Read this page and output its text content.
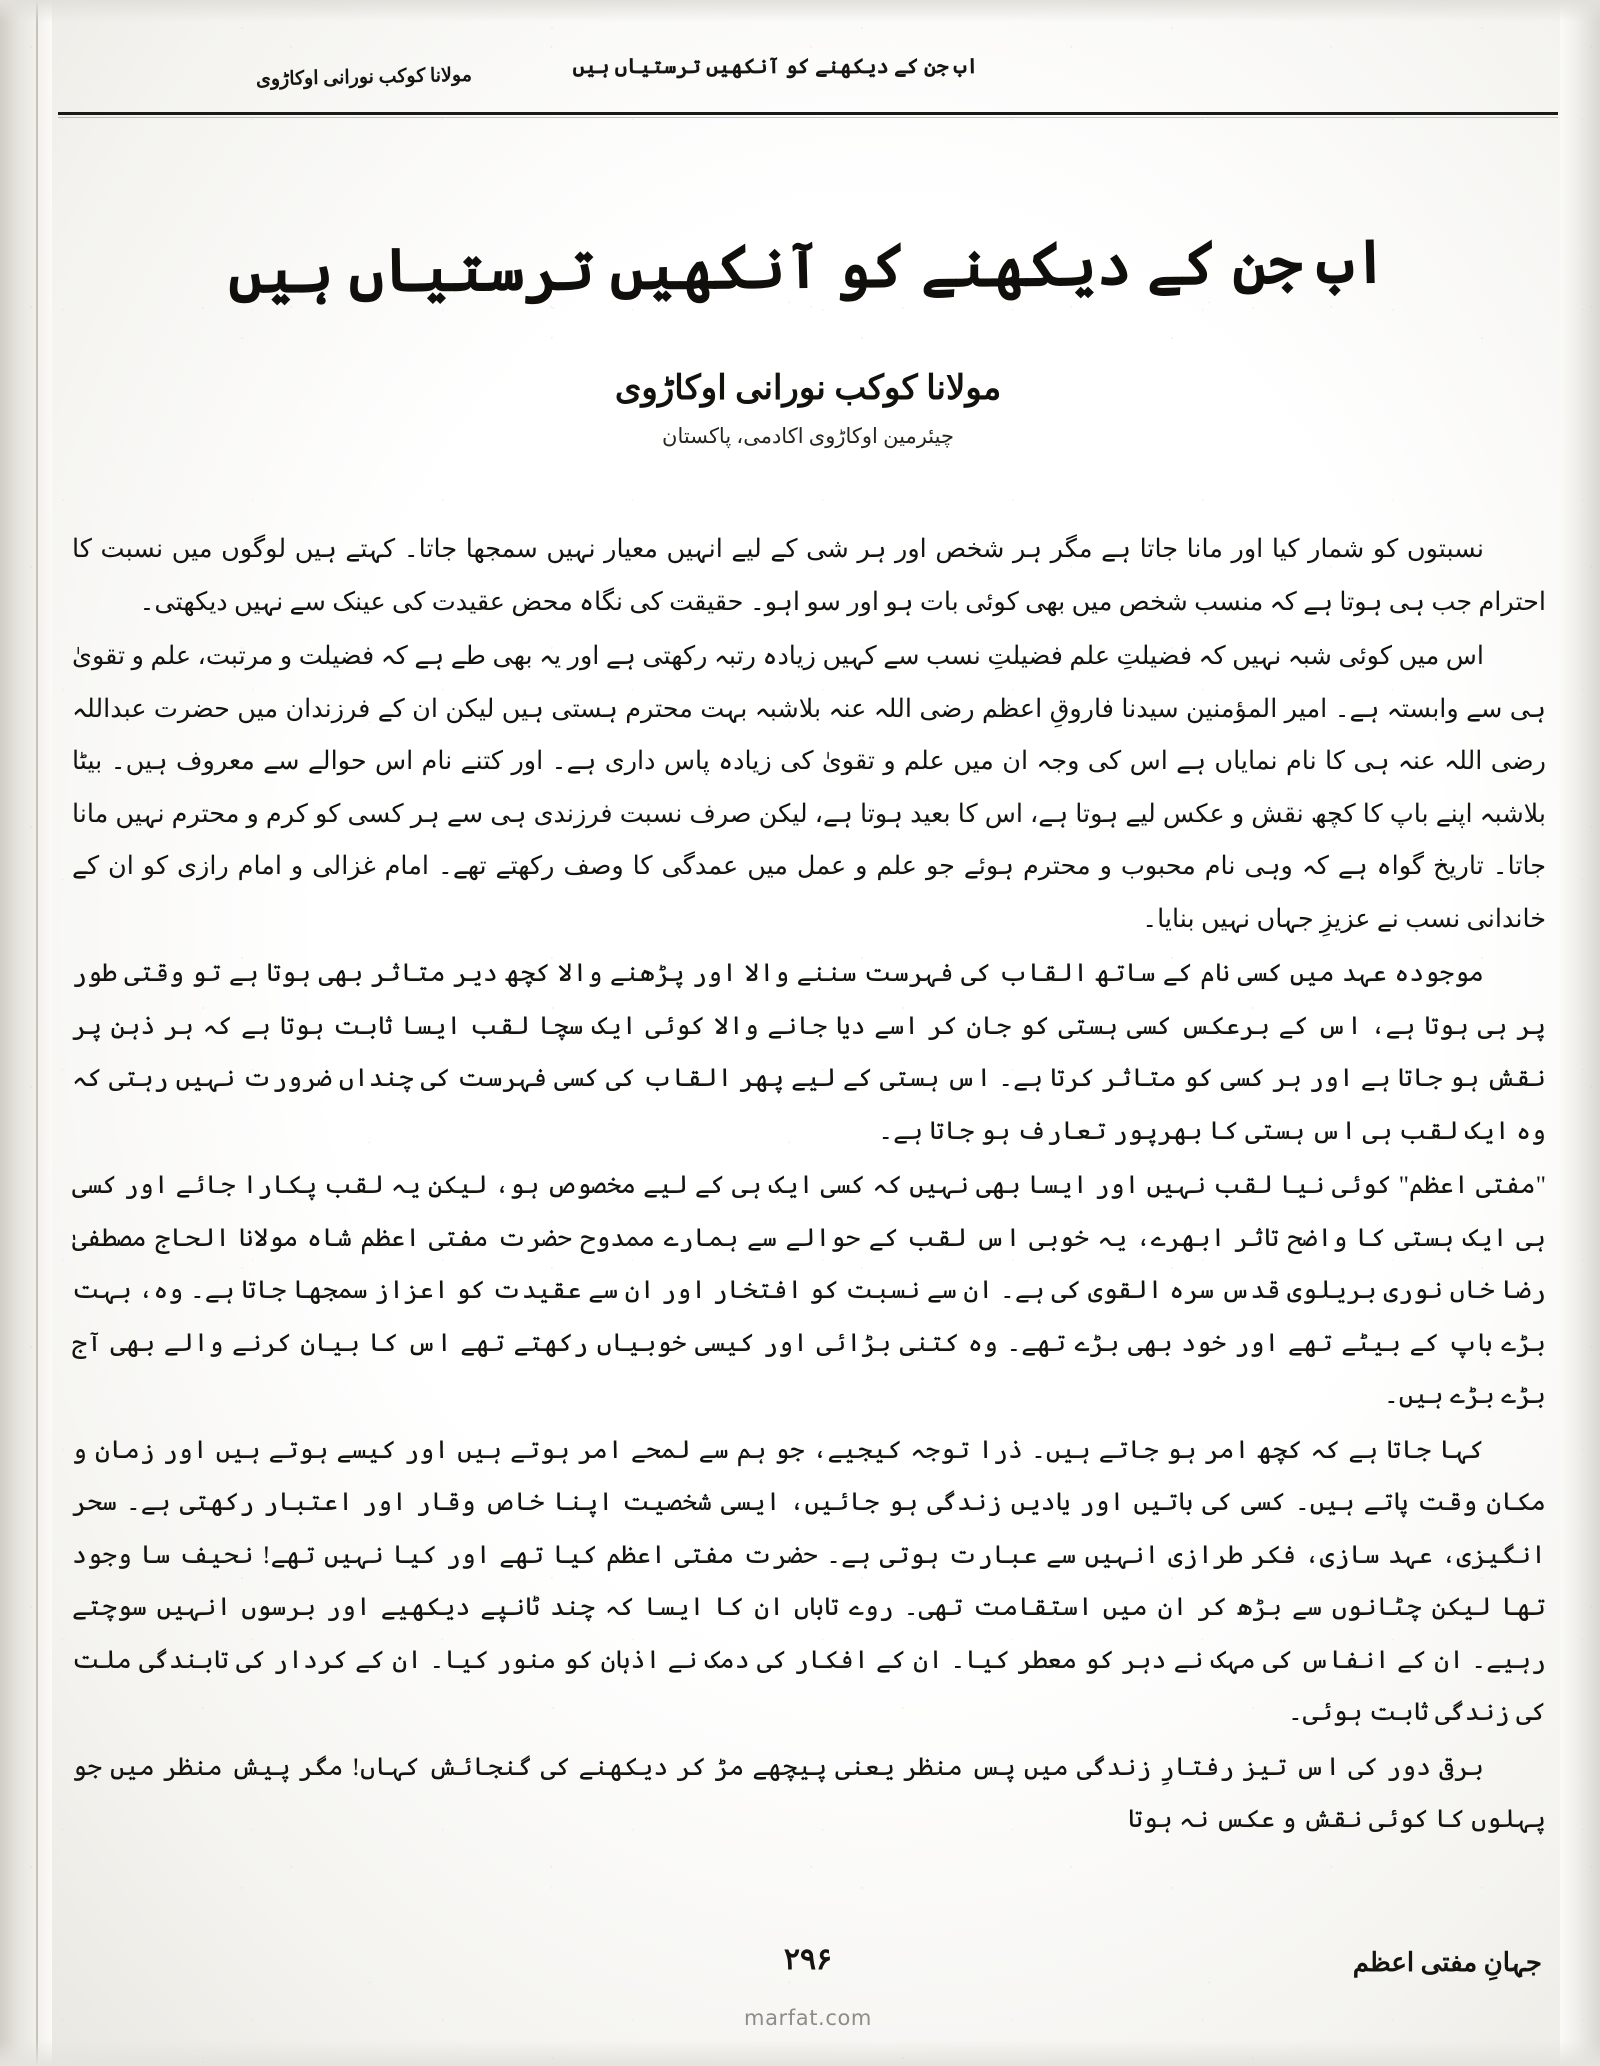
اب جن کے دیکھنے کو آنکھیں ترستیاں ہیں
مولانا کوکب نورانی اوکاڑوی
اب جن کے دیکھنے کو آنکھیں ترستیاں ہیں
مولانا کوکب نورانی اوکاڑوی
چیئرمین اوکاڑوی اکادمی، پاکستان

نسبتوں کو شمار کیا اور مانا جاتا ہے مگر ہر شخص اور ہر شی کے لیے انہیں معیار نہیں سمجھا جاتا۔ کہتے ہیں لوگوں میں نسبت کا احترام جب ہی ہوتا ہے کہ منسب شخص میں بھی کوئی بات ہو اور سو اہو۔ حقیقت کی نگاہ محض عقیدت کی عینک سے نہیں دیکھتی۔

اس میں کوئی شبہ نہیں کہ فضیلتِ علم فضیلتِ نسب سے کہیں زیادہ رتبہ رکھتی ہے اور یہ بھی طے ہے کہ فضیلت و مرتبت، علم و تقویٰ ہی سے وابستہ ہے۔ امیر المؤمنین سیدنا فاروقِ اعظم رضی اللہ عنہ بلاشبہ بہت محترم ہستی ہیں لیکن ان کے فرزندان میں حضرت عبداللہ رضی اللہ عنہ ہی کا نام نمایاں ہے اس کی وجہ ان میں علم و تقویٰ کی زیادہ پاس داری ہے۔ اور کتنے نام اس حوالے سے معروف ہیں۔ بیٹا بلاشبہ اپنے باپ کا کچھ نقش و عکس لیے ہوتا ہے، اس کا بعید ہوتا ہے، لیکن صرف نسبت فرزندی ہی سے ہر کسی کو کرم و محترم نہیں مانا جاتا۔ تاریخ گواہ ہے کہ وہی نام محبوب و محترم ہوئے جو علم و عمل میں عمدگی کا وصف رکھتے تھے۔ امام غزالی و امام رازی کو ان کے خاندانی نسب نے عزیزِ جہاں نہیں بنایا۔

موجودہ عہد میں کسی نام کے ساتھ القاب کی فہرست سننے والا اور پڑھنے والا کچھ دیر متاثر بھی ہوتا ہے تو وقتی طور پر ہی ہوتا ہے، اس کے برعکس کسی ہستی کو جان کر اسے دیا جانے والا کوئی ایک سچا لقب ایسا ثابت ہوتا ہے کہ ہر ذہن پر نقش ہو جاتا ہے اور ہر کسی کو متاثر کرتا ہے۔ اس ہستی کے لیے پھر القاب کی کسی فہرست کی چنداں ضرورت نہیں رہتی کہ وہ ایک لقب ہی اس ہستی کا بھرپور تعارف ہو جاتا ہے۔

"مفتی اعظم" کوئی نیا لقب نہیں اور ایسا بھی نہیں کہ کسی ایک ہی کے لیے مخصوص ہو، لیکن یہ لقب پکارا جائے اور کسی ہی ایک ہستی کا واضح تاثر ابھرے، یہ خوبی اس لقب کے حوالے سے ہمارے ممدوح حضرت مفتی اعظم شاہ مولانا الحاج مصطفیٰ رضا خاں نوری بریلوی قدس سرہ القوی کی ہے۔ ان سے نسبت کو افتخار اور ان سے عقیدت کو اعزاز سمجھا جاتا ہے۔ وہ، بہت بڑے باپ کے بیٹے تھے اور خود بھی بڑے تھے۔ وہ کتنی بڑائی اور کیسی خوبیاں رکھتے تھے اس کا بیان کرنے والے بھی آج بڑے بڑے ہیں۔

کہا جاتا ہے کہ کچھ امر ہو جاتے ہیں۔ ذرا توجہ کیجیے، جو ہم سے لمحے امر ہوتے ہیں اور کیسے ہوتے ہیں اور زمان و مکان وقت پاتے ہیں۔ کسی کی باتیں اور یادیں زندگی ہو جائیں، ایسی شخصیت اپنا خاص وقار اور اعتبار رکھتی ہے۔ سحر انگیزی، عہد سازی، فکر طرازی انہیں سے عبارت ہوتی ہے۔ حضرت مفتی اعظم کیا تھے اور کیا نہیں تھے! نحیف سا وجود تھا لیکن چٹانوں سے بڑھ کر ان میں استقامت تھی۔ روے تاباں ان کا ایسا کہ چند ٹانپے دیکھیے اور برسوں انہیں سوچتے رہیے۔ ان کے انفاس کی مہک نے دہر کو معطر کیا۔ ان کے افکار کی دمک نے اذہان کو منور کیا۔ ان کے کردار کی تابندگی ملت کی زندگی ثابت ہوئی۔

برقی دور کی اس تیز رفتارِ زندگی میں پس منظر یعنی پیچھے مڑ کر دیکھنے کی گنجائش کہاں! مگر پیش منظر میں جو پہلوں کا کوئی نقش و عکس نہ ہوتا

جہانِ مفتی اعظم
۲۹۶
marfat.com
